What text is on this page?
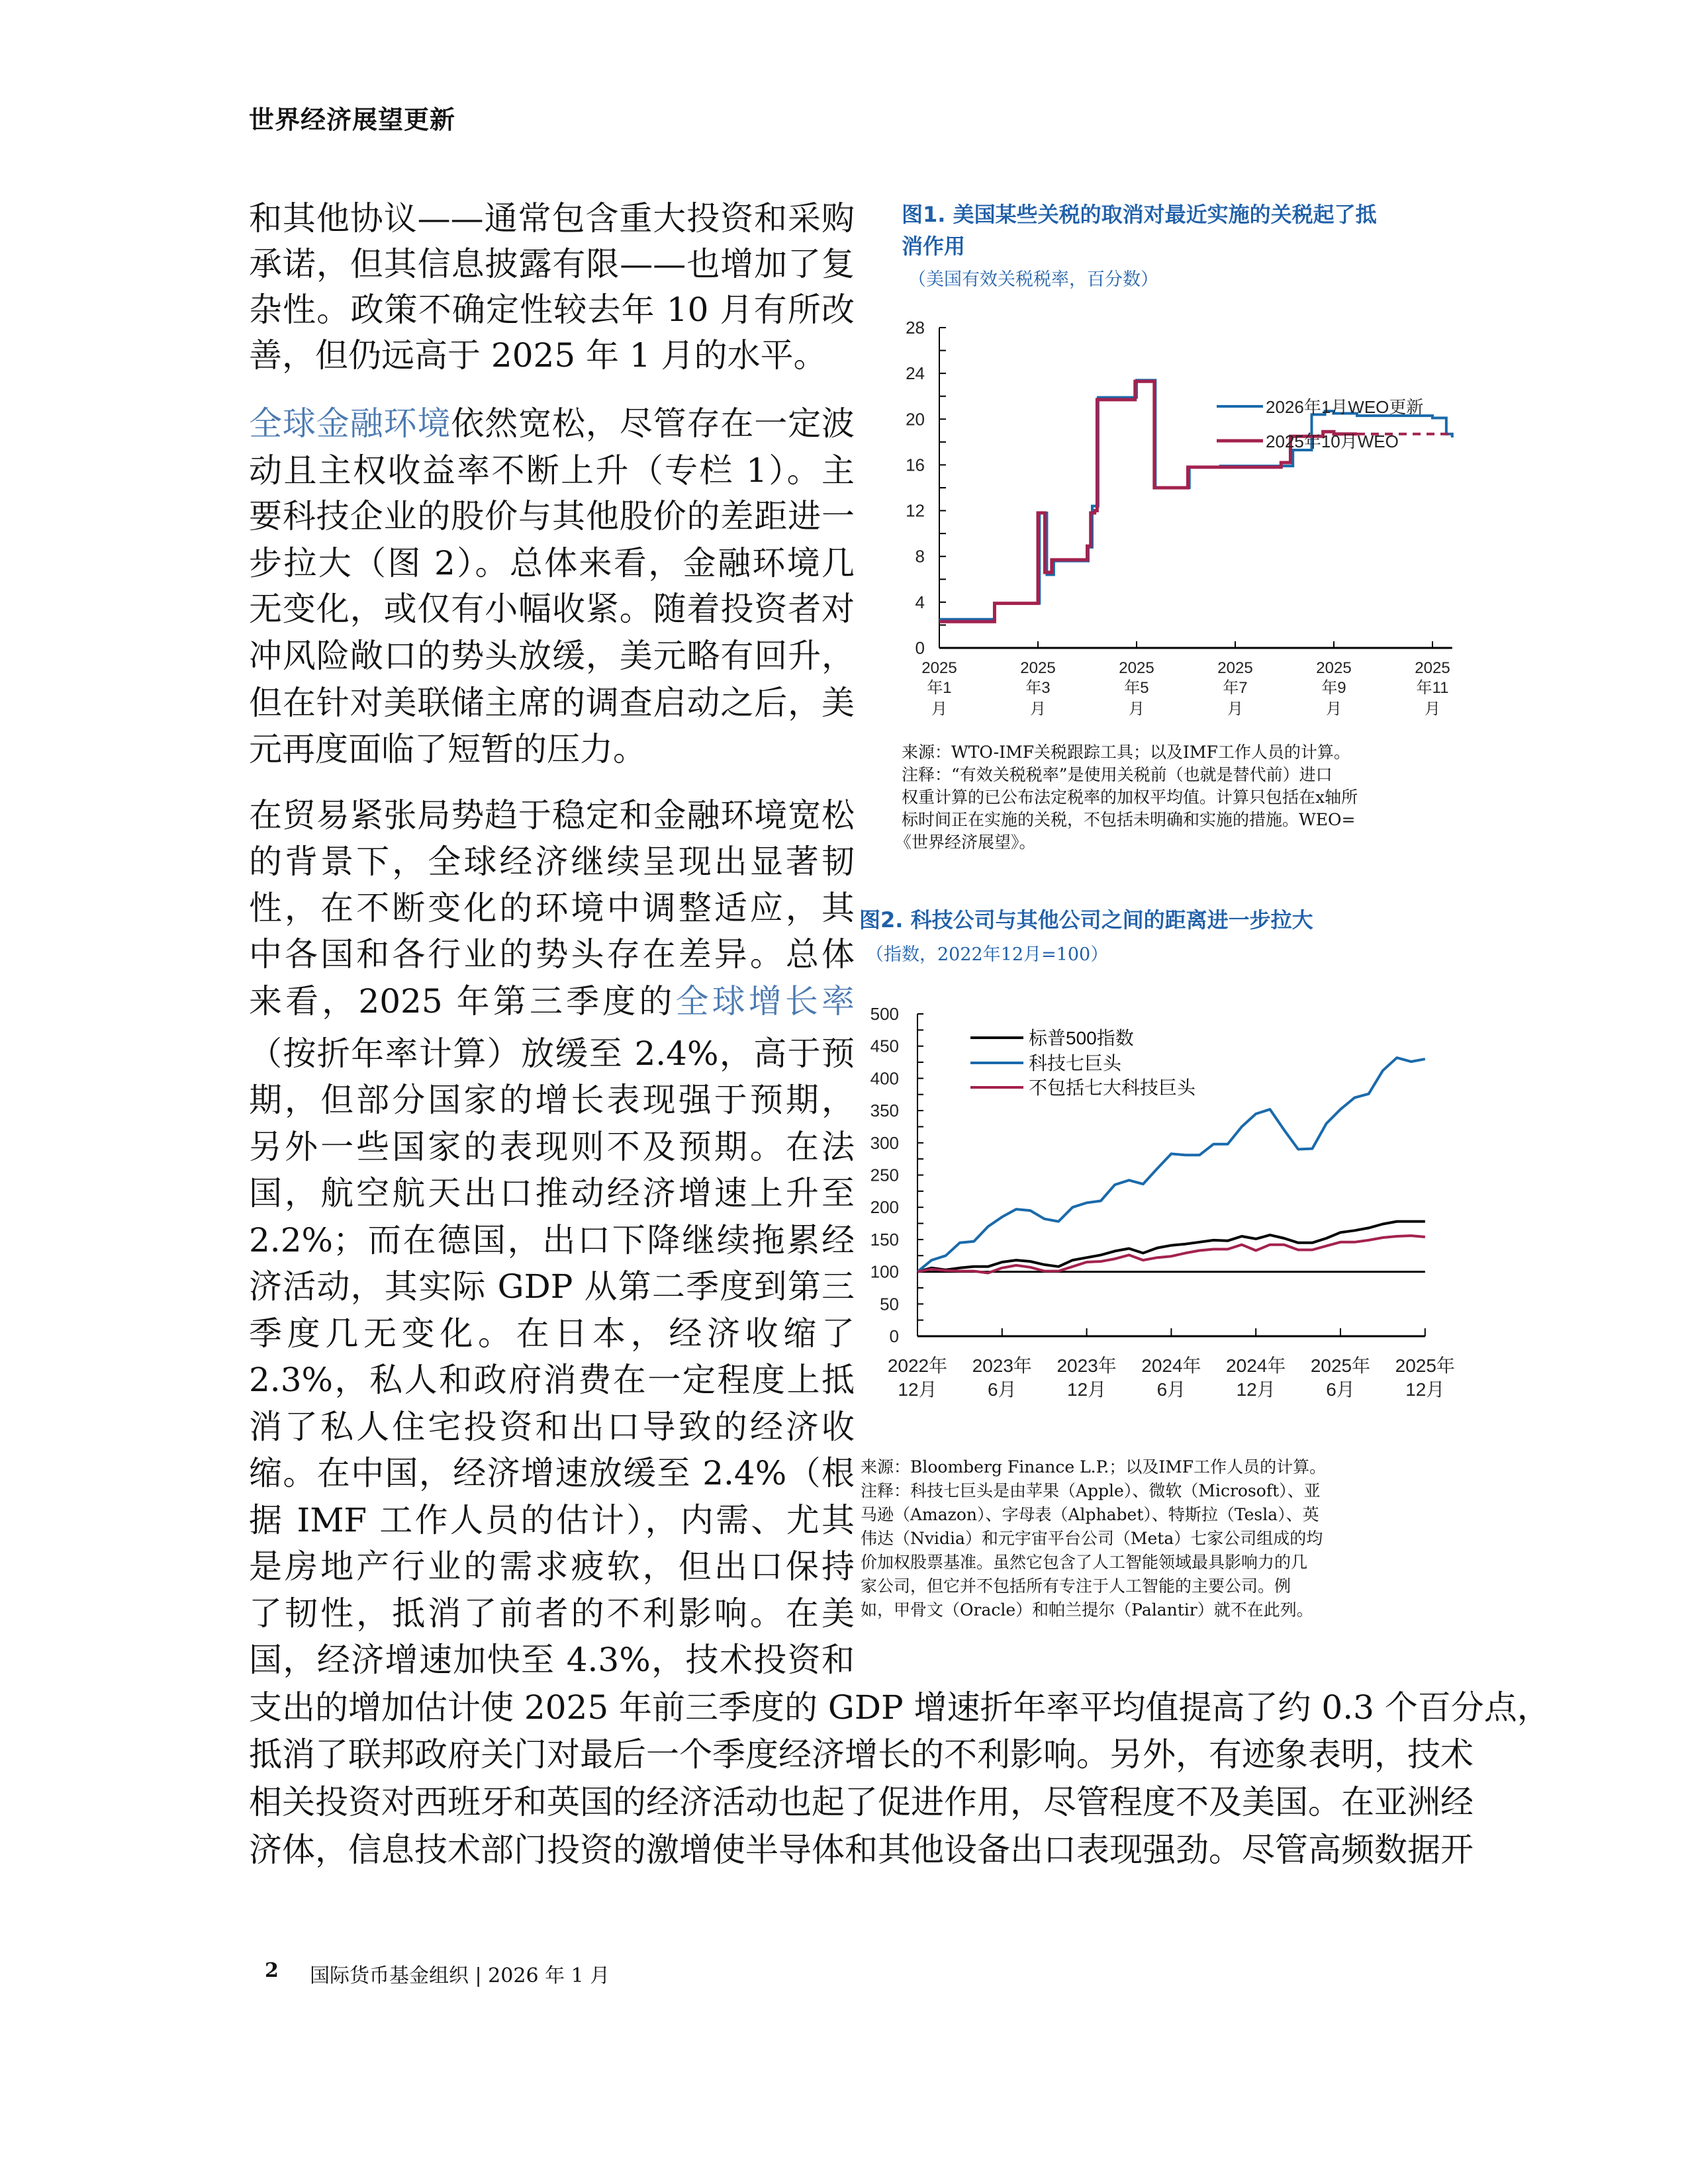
世界经济展望更新
和其他协议——通常包含重大投资和采购
承诺，但其信息披露有限——也增加了复
杂性。政策不确定性较去年 10 月有所改
善，但仍远高于 2025 年 1 月的水平。
全球金融环境依然宽松，尽管存在一定波
动且主权收益率不断上升（专栏 1）。主
要科技企业的股价与其他股价的差距进一
步拉大（图 2）。总体来看，金融环境几
无变化，或仅有小幅收紧。随着投资者对
冲风险敞口的势头放缓，美元略有回升，
但在针对美联储主席的调查启动之后，美
元再度面临了短暂的压力。
在贸易紧张局势趋于稳定和金融环境宽松
的背景下，全球经济继续呈现出显著韧
性，在不断变化的环境中调整适应，其
中各国和各行业的势头存在差异。总体
来看，2025 年第三季度的全球增长率
（按折年率计算）放缓至 2.4%，高于预
期，但部分国家的增长表现强于预期，
另外一些国家的表现则不及预期。在法
国，航空航天出口推动经济增速上升至
2.2%；而在德国，出口下降继续拖累经
济活动，其实际 GDP 从第二季度到第三
季度几无变化。在日本，经济收缩了
2.3%，私人和政府消费在一定程度上抵
消了私人住宅投资和出口导致的经济收
缩。在中国，经济增速放缓至 2.4%（根
据 IMF 工作人员的估计），内需、尤其
是房地产行业的需求疲软，但出口保持
了韧性，抵消了前者的不利影响。在美
国，经济增速加快至 4.3%，技术投资和
支出的增加估计使 2025 年前三季度的 GDP 增速折年率平均值提高了约 0.3 个百分点，
抵消了联邦政府关门对最后一个季度经济增长的不利影响。另外，有迹象表明，技术
相关投资对西班牙和英国的经济活动也起了促进作用，尽管程度不及美国。在亚洲经
济体，信息技术部门投资的激增使半导体和其他设备出口表现强劲。尽管高频数据开
图1. 美国某些关税的取消对最近实施的关税起了抵
消作用
（美国有效关税税率，百分数）
0
4
8
12
16
20
24
28
2025
年1
月
2025
年3
月
2025
年5
月
2025
年7
月
2025
年9
月
2025
年11
月
2026年1月WEO更新
2025年10月WEO
来源：WTO-IMF关税跟踪工具；以及IMF工作人员的计算。
注释：“有效关税税率”是使用关税前（也就是替代前）进口
权重计算的已公布法定税率的加权平均值。计算只包括在x轴所
标时间正在实施的关税，不包括未明确和实施的措施。WEO=
《世界经济展望》。
图2. 科技公司与其他公司之间的距离进一步拉大
（指数，2022年12月=100）
0
50
100
150
200
250
300
350
400
450
500
2022年
12月
2023年
6月
2023年
12月
2024年
6月
2024年
12月
2025年
6月
2025年
12月
标普500指数
科技七巨头
不包括七大科技巨头
来源：Bloomberg Finance L.P.；以及IMF工作人员的计算。
注释：科技七巨头是由苹果（Apple）、微软（Microsoft）、亚
马逊（Amazon）、字母表（Alphabet）、特斯拉（Tesla）、英
伟达（Nvidia）和元宇宙平台公司（Meta）七家公司组成的均
价加权股票基准。虽然它包含了人工智能领域最具影响力的几
家公司，但它并不包括所有专注于人工智能的主要公司。例
如，甲骨文（Oracle）和帕兰提尔（Palantir）就不在此列。
2 国际货币基金组织 | 2026 年 1 月
